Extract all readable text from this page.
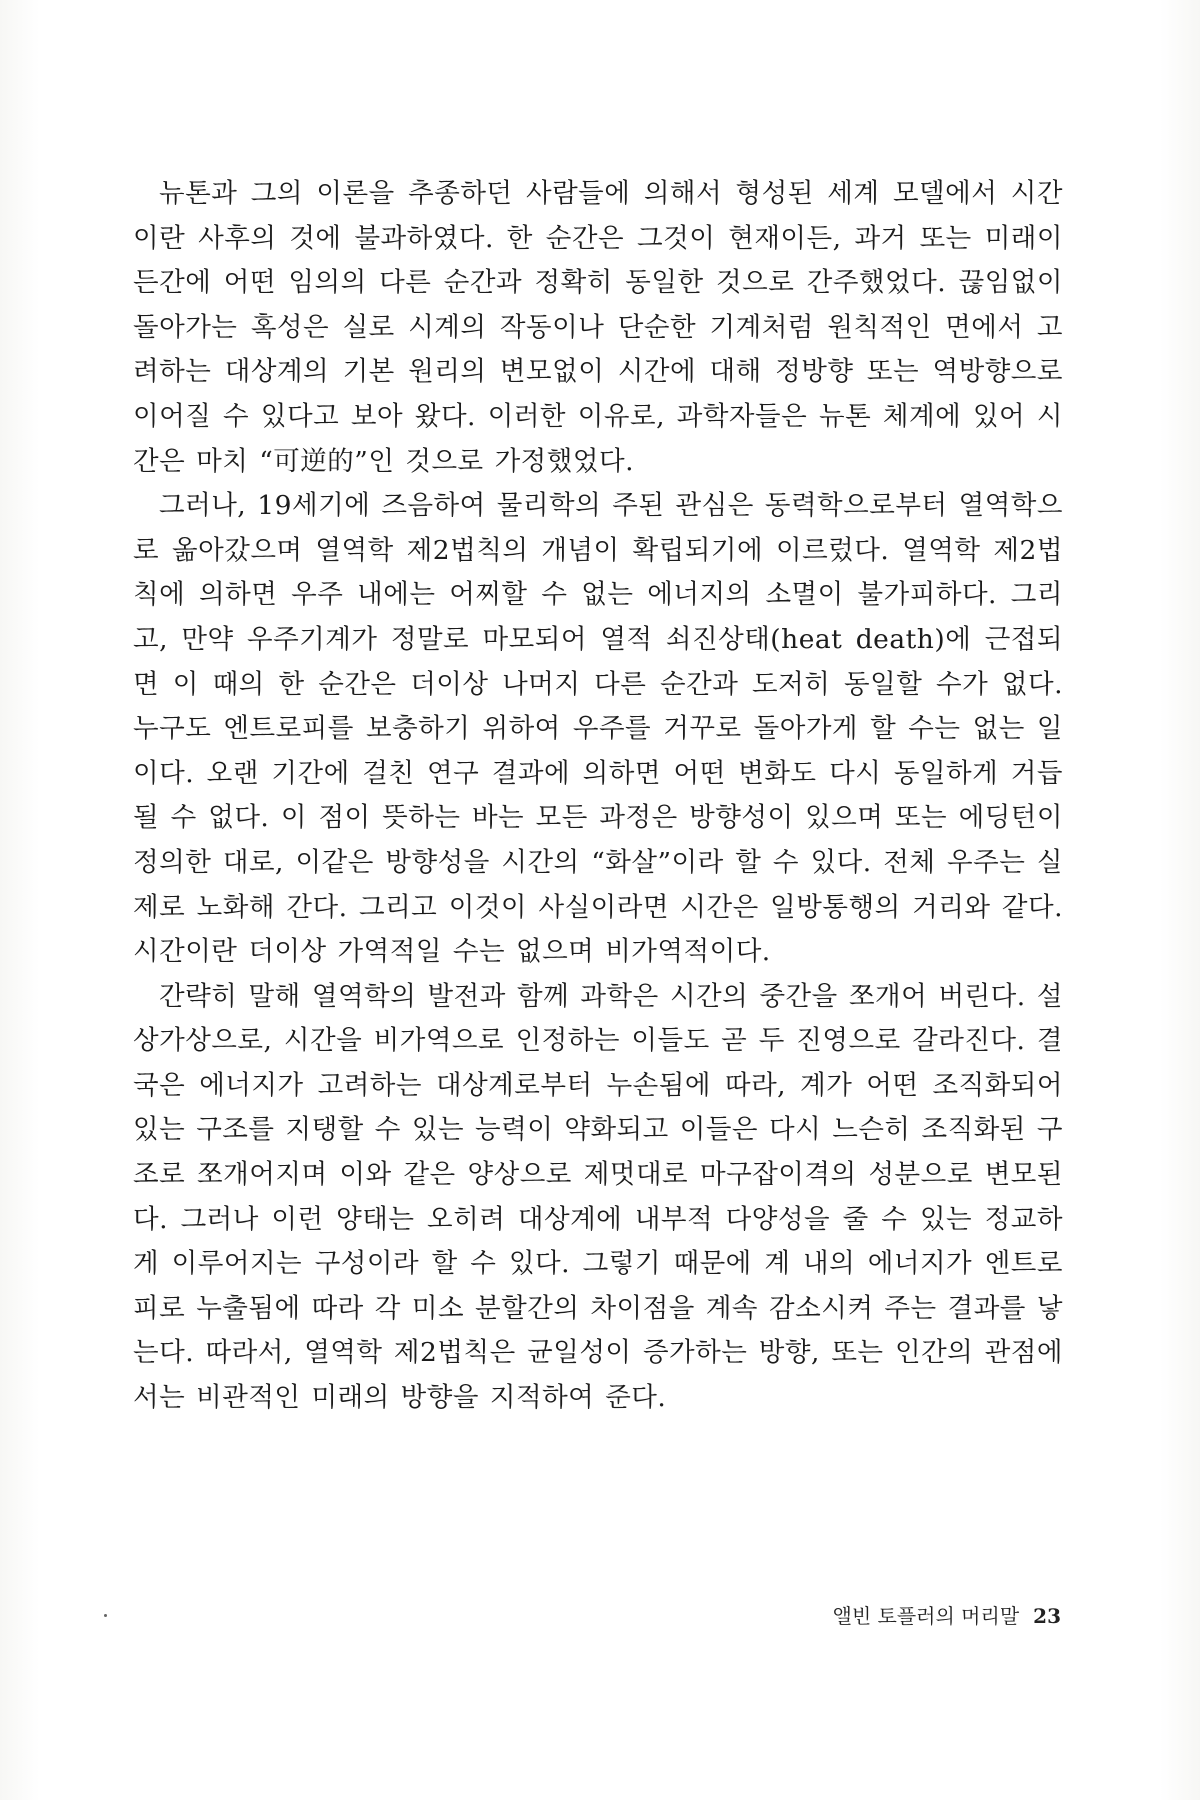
뉴톤과 그의 이론을 추종하던 사람들에 의해서 형성된 세계 모델에서 시간이란 사후의 것에 불과하였다. 한 순간은 그것이 현재이든, 과거 또는 미래이든간에 어떤 임의의 다른 순간과 정확히 동일한 것으로 간주했었다. 끊임없이 돌아가는 혹성은 실로 시계의 작동이나 단순한 기계처럼 원칙적인 면에서 고려하는 대상계의 기본 원리의 변모없이 시간에 대해 정방향 또는 역방향으로 이어질 수 있다고 보아 왔다. 이러한 이유로, 과학자들은 뉴톤 체계에 있어 시간은 마치 “可逆的”인 것으로 가정했었다.

그러나, 19세기에 즈음하여 물리학의 주된 관심은 동력학으로부터 열역학으로 옮아갔으며 열역학 제2법칙의 개념이 확립되기에 이르렀다. 열역학 제2법칙에 의하면 우주 내에는 어찌할 수 없는 에너지의 소멸이 불가피하다. 그리고, 만약 우주기계가 정말로 마모되어 열적 쇠진상태(heat death)에 근접되면 이 때의 한 순간은 더이상 나머지 다른 순간과 도저히 동일할 수가 없다. 누구도 엔트로피를 보충하기 위하여 우주를 거꾸로 돌아가게 할 수는 없는 일이다. 오랜 기간에 걸친 연구 결과에 의하면 어떤 변화도 다시 동일하게 거듭될 수 없다. 이 점이 뜻하는 바는 모든 과정은 방향성이 있으며 또는 에딩턴이 정의한 대로, 이같은 방향성을 시간의 “화살”이라 할 수 있다. 전체 우주는 실제로 노화해 간다. 그리고 이것이 사실이라면 시간은 일방통행의 거리와 같다. 시간이란 더이상 가역적일 수는 없으며 비가역적이다.

간략히 말해 열역학의 발전과 함께 과학은 시간의 중간을 쪼개어 버린다. 설상가상으로, 시간을 비가역으로 인정하는 이들도 곧 두 진영으로 갈라진다. 결국은 에너지가 고려하는 대상계로부터 누손됨에 따라, 계가 어떤 조직화되어 있는 구조를 지탱할 수 있는 능력이 약화되고 이들은 다시 느슨히 조직화된 구조로 쪼개어지며 이와 같은 양상으로 제멋대로 마구잡이격의 성분으로 변모된다. 그러나 이런 양태는 오히려 대상계에 내부적 다양성을 줄 수 있는 정교하게 이루어지는 구성이라 할 수 있다. 그렇기 때문에 계 내의 에너지가 엔트로피로 누출됨에 따라 각 미소 분할간의 차이점을 계속 감소시켜 주는 결과를 낳는다. 따라서, 열역학 제2법칙은 균일성이 증가하는 방향, 또는 인간의 관점에서는 비관적인 미래의 방향을 지적하여 준다.

앨빈 토플러의 머리말 23
